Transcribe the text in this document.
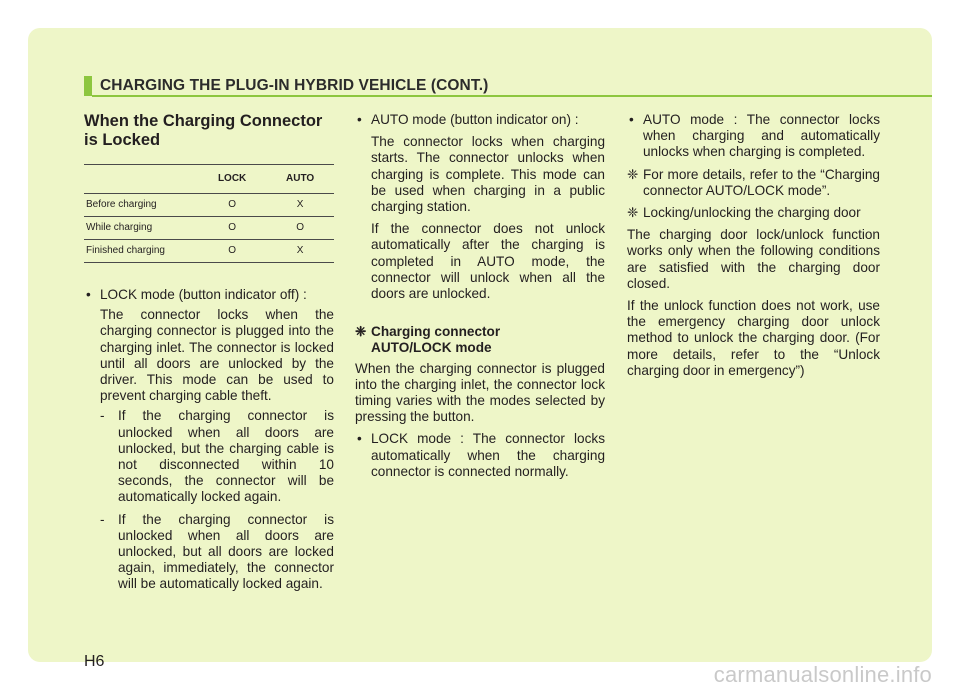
CHARGING THE PLUG-IN HYBRID VEHICLE (CONT.)
When the Charging Connector
is Locked
	LOCK	AUTO
Before charging	O	X
While charging	O	O
Finished charging	O	X
• LOCK mode (button indicator off) :

The connector locks when the charging connector is plugged into the charging inlet. The connector is locked until all doors are unlocked by the driver. This mode can be used to prevent charging cable theft.

- If the charging connector is unlocked when all doors are unlocked, but the charging cable is not disconnected within 10 seconds, the connector will be automatically locked again.
- If the charging connector is unlocked when all doors are unlocked, but all doors are locked again, immediately, the connector will be automatically locked again.
• AUTO mode (button indicator on) :

The connector locks when charging starts. The connector unlocks when charging is complete. This mode can be used when charging in a public charging station.

If the connector does not unlock automatically after the charging is completed in AUTO mode, the connector will unlock when all the doors are unlocked.

❈ Charging connector
AUTO/LOCK mode

When the charging connector is plugged into the charging inlet, the connector lock timing varies with the modes selected by pressing the button.

• LOCK mode : The connector locks automatically when the charging connector is connected normally.
• AUTO mode : The connector locks when charging and automatically unlocks when charging is completed.
❈ For more details, refer to the “Charging connector AUTO/LOCK mode”.
❈ Locking/unlocking the charging door

The charging door lock/unlock function works only when the following conditions are satisfied with the charging door closed.

If the unlock function does not work, use the emergency charging door unlock method to unlock the charging door. (For more details, refer to the “Unlock charging door in emergency”)

H6
carmanualsonline.info
